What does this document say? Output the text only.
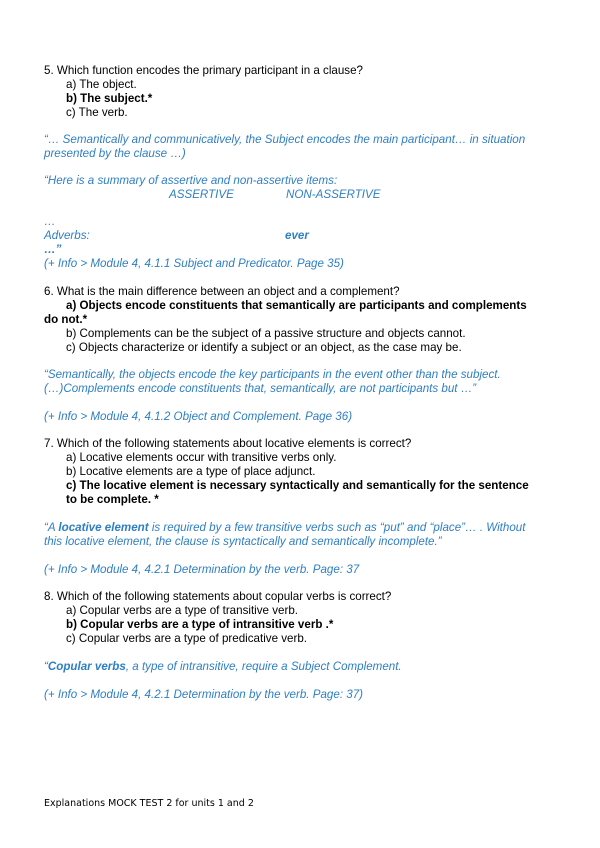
5. Which function encodes the primary participant in a clause?
a) The object.
b) The subject.*
c) The verb.
“… Semantically and communicatively, the Subject encodes the main participant… in situation
presented by the clause …)
“Here is a summary of assertive and non-assertive items:
ASSERTIVE	NON-ASSERTIVE
…
Adverbs:	ever
…”
(+ Info > Module 4, 4.1.1 Subject and Predicator. Page 35)
6. What is the main difference between an object and a complement?
a) Objects encode constituents that semantically are participants and complements
do not.*
b) Complements can be the subject of a passive structure and objects cannot.
c) Objects characterize or identify a subject or an object, as the case may be.
“Semantically, the objects encode the key participants in the event other than the subject.
(…)Complements encode constituents that, semantically, are not participants but …”
(+ Info > Module 4, 4.1.2 Object and Complement. Page 36)
7. Which of the following statements about locative elements is correct?
a) Locative elements occur with transitive verbs only.
b) Locative elements are a type of place adjunct.
c) The locative element is necessary syntactically and semantically for the sentence
to be complete. *
“A locative element is required by a few transitive verbs such as “put” and “place”… . Without
this locative element, the clause is syntactically and semantically incomplete.”
(+ Info > Module 4, 4.2.1 Determination by the verb. Page: 37
8. Which of the following statements about copular verbs is correct?
a) Copular verbs are a type of transitive verb.
b) Copular verbs are a type of intransitive verb .*
c) Copular verbs are a type of predicative verb.
“Copular verbs, a type of intransitive, require a Subject Complement.
(+ Info > Module 4, 4.2.1 Determination by the verb. Page: 37)
Explanations MOCK TEST 2 for units 1 and 2
